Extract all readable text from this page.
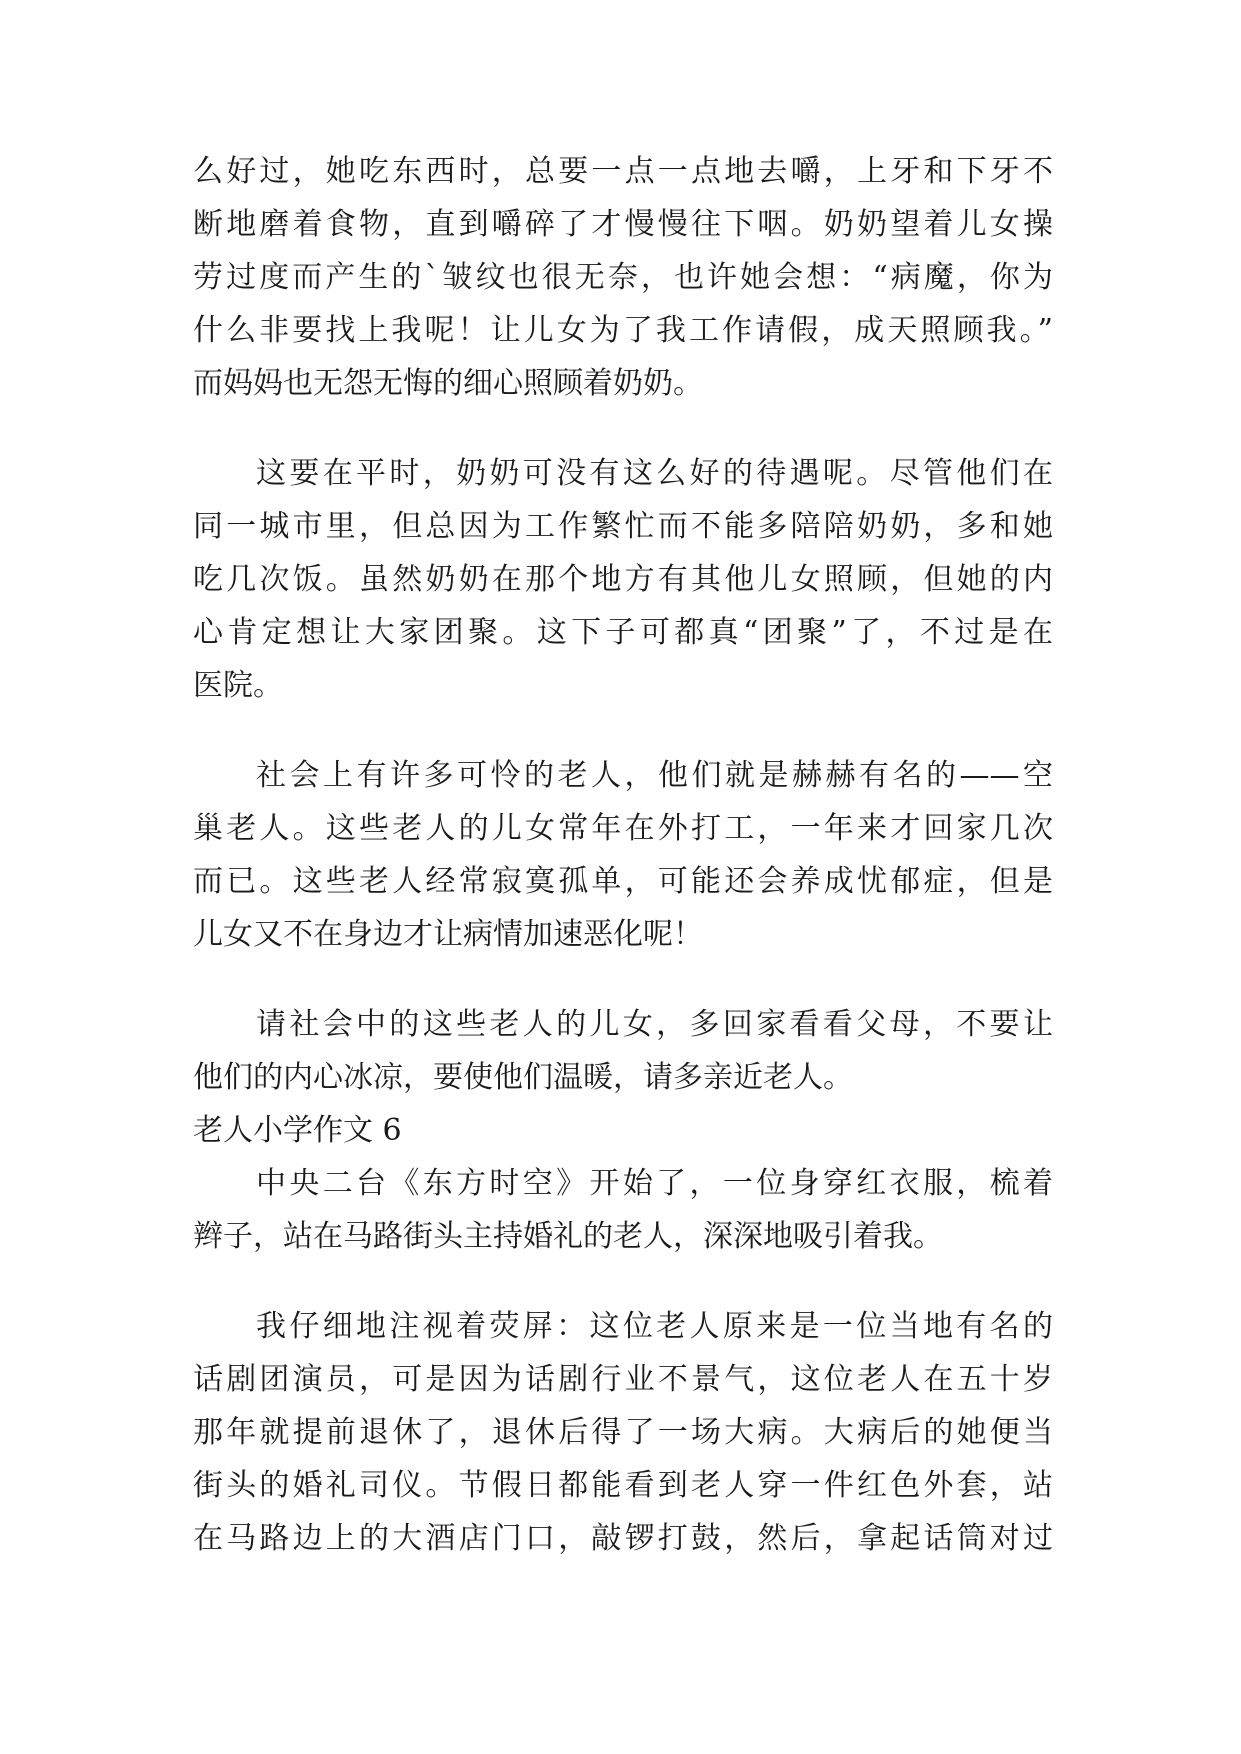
么好过，她吃东西时，总要一点一点地去嚼，上牙和下牙不
断地磨着食物，直到嚼碎了才慢慢往下咽。奶奶望着儿女操
劳过度而产生的`皱纹也很无奈，也许她会想：“病魔，你为
什么非要找上我呢！让儿女为了我工作请假，成天照顾我。”
而妈妈也无怨无悔的细心照顾着奶奶。
这要在平时，奶奶可没有这么好的待遇呢。尽管他们在
同一城市里，但总因为工作繁忙而不能多陪陪奶奶，多和她
吃几次饭。虽然奶奶在那个地方有其他儿女照顾，但她的内
心肯定想让大家团聚。这下子可都真“团聚”了，不过是在
医院。
社会上有许多可怜的老人，他们就是赫赫有名的——空
巢老人。这些老人的儿女常年在外打工，一年来才回家几次
而已。这些老人经常寂寞孤单，可能还会养成忧郁症，但是
儿女又不在身边才让病情加速恶化呢！
请社会中的这些老人的儿女，多回家看看父母，不要让
他们的内心冰凉，要使他们温暖，请多亲近老人。
老人小学作文 6
中央二台《东方时空》开始了，一位身穿红衣服，梳着
辫子，站在马路街头主持婚礼的老人，深深地吸引着我。
我仔细地注视着荧屏：这位老人原来是一位当地有名的
话剧团演员，可是因为话剧行业不景气，这位老人在五十岁
那年就提前退休了，退休后得了一场大病。大病后的她便当
街头的婚礼司仪。节假日都能看到老人穿一件红色外套，站
在马路边上的大酒店门口，敲锣打鼓，然后，拿起话筒对过
